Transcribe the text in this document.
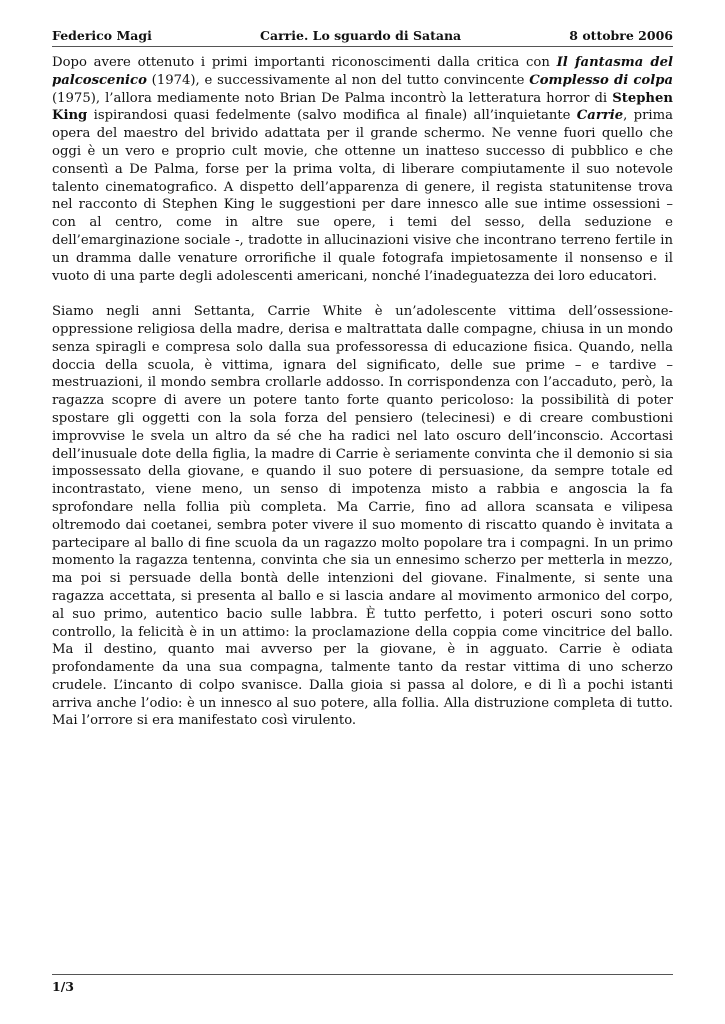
Federico Magi	Carrie. Lo sguardo di Satana	8 ottobre 2006

Dopo avere ottenuto i primi importanti riconoscimenti dalla critica con Il fantasma del palcoscenico (1974), e successivamente al non del tutto convincente Complesso di colpa (1975), l’allora mediamente noto Brian De Palma incontrò la letteratura horror di Stephen King ispirandosi quasi fedelmente (salvo modifica al finale) all’inquietante Carrie, prima opera del maestro del brivido adattata per il grande schermo. Ne venne fuori quello che oggi è un vero e proprio cult movie, che ottenne un inatteso successo di pubblico e che consentì a De Palma, forse per la prima volta, di liberare compiutamente il suo notevole talento cinematografico. A dispetto dell’apparenza di genere, il regista statunitense trova nel racconto di Stephen King le suggestioni per dare innesco alle sue intime ossessioni – con al centro, come in altre sue opere, i temi del sesso, della seduzione e dell’emarginazione sociale -, tradotte in allucinazioni visive che incontrano terreno fertile in un dramma dalle venature orrorifiche il quale fotografa impietosamente il nonsenso e il vuoto di una parte degli adolescenti americani, nonché l’inadeguatezza dei loro educatori.

Siamo negli anni Settanta, Carrie White è un’adolescente vittima dell’ossessione-oppressione religiosa della madre, derisa e maltrattata dalle compagne, chiusa in un mondo senza spiragli e compresa solo dalla sua professoressa di educazione fisica. Quando, nella doccia della scuola, è vittima, ignara del significato, delle sue prime – e tardive – mestruazioni, il mondo sembra crollarle addosso. In corrispondenza con l’accaduto, però, la ragazza scopre di avere un potere tanto forte quanto pericoloso: la possibilità di poter spostare gli oggetti con la sola forza del pensiero (telecinesi) e di creare combustioni improvvise le svela un altro da sé che ha radici nel lato oscuro dell’inconscio. Accortasi dell’inusuale dote della figlia, la madre di Carrie è seriamente convinta che il demonio si sia impossessato della giovane, e quando il suo potere di persuasione, da sempre totale ed incontrastato, viene meno, un senso di impotenza misto a rabbia e angoscia la fa sprofondare nella follia più completa. Ma Carrie, fino ad allora scansata e vilipesa oltremodo dai coetanei, sembra poter vivere il suo momento di riscatto quando è invitata a partecipare al ballo di fine scuola da un ragazzo molto popolare tra i compagni. In un primo momento la ragazza tentenna, convinta che sia un ennesimo scherzo per metterla in mezzo, ma poi si persuade della bontà delle intenzioni del giovane. Finalmente, si sente una ragazza accettata, si presenta al ballo e si lascia andare al movimento armonico del corpo, al suo primo, autentico bacio sulle labbra. È tutto perfetto, i poteri oscuri sono sotto controllo, la felicità è in un attimo: la proclamazione della coppia come vincitrice del ballo. Ma il destino, quanto mai avverso per la giovane, è in agguato. Carrie è odiata profondamente da una sua compagna, talmente tanto da restar vittima di uno scherzo crudele. L’incanto di colpo svanisce. Dalla gioia si passa al dolore, e di lì a pochi istanti arriva anche l’odio: è un innesco al suo potere, alla follia. Alla distruzione completa di tutto. Mai l’orrore si era manifestato così virulento.

1/3
